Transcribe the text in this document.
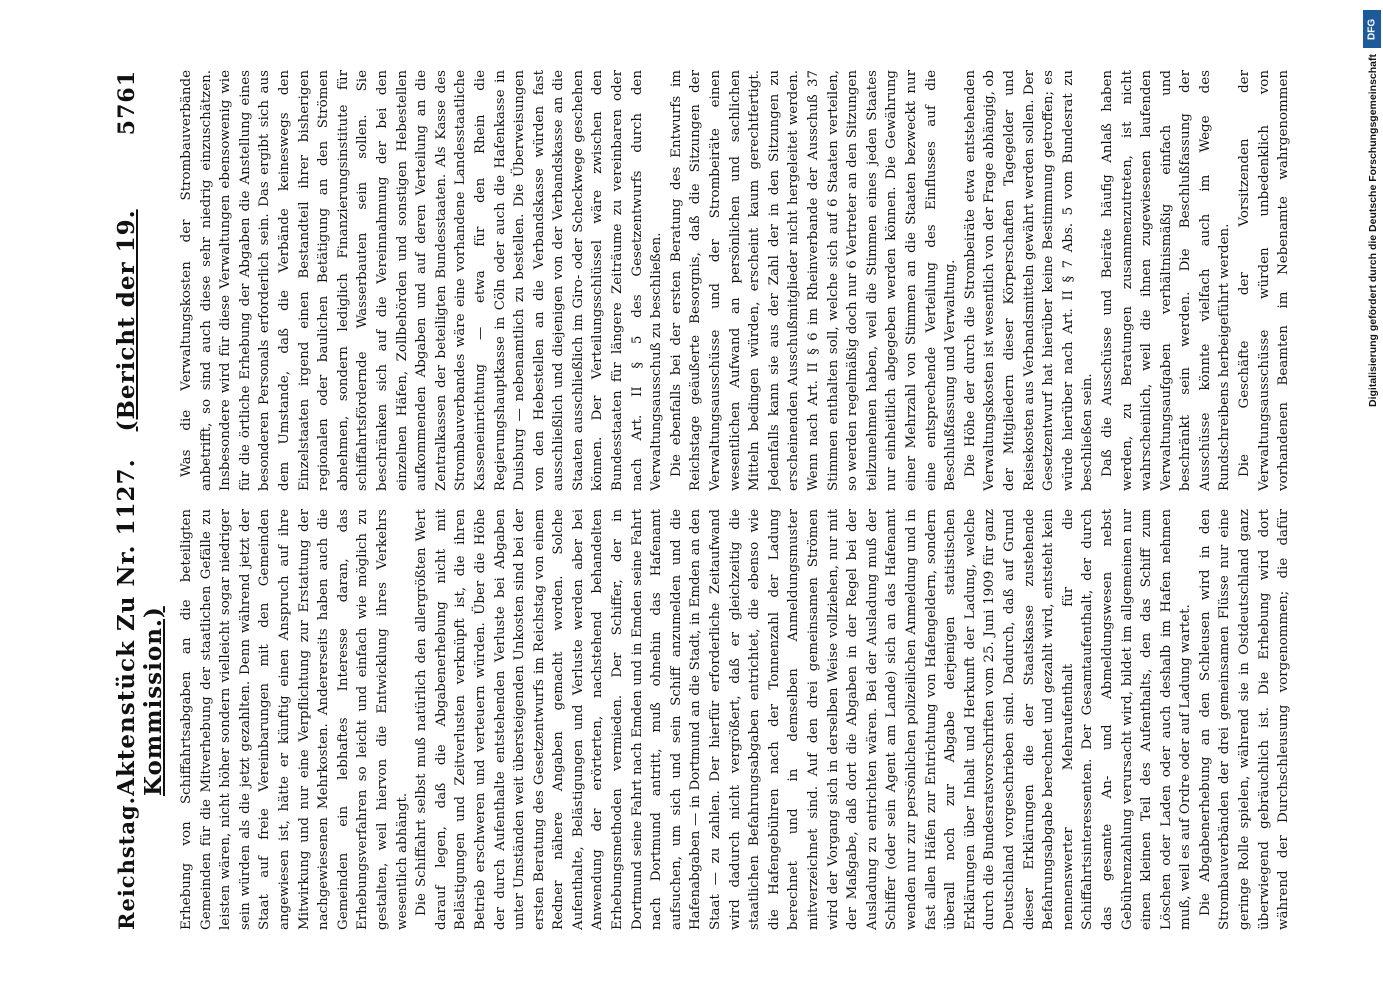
Reichstag.
Aktenstück Zu Nr. 1127.   (Bericht der 19. Kommission.)
5761

Erhebung von Schiffahrtsabgaben an die beteiligten Gemeinden für die Mitverhebung der staatlichen Gefälle zu leisten wären, nicht höher sondern vielleicht sogar niedriger sein würden als die jetzt gezahlten. Denn während jetzt der Staat auf freie Vereinbarungen mit den Gemeinden angewiesen ist, hätte er künftig einen Anspruch auf ihre Mitwirkung und nur eine Verpflichtung zur Erstattung der nachgewiesenen Mehrkosten. Andererseits haben auch die Gemeinden ein lebhaftes Interesse daran, das Erhebungsverfahren so leicht und einfach wie möglich zu gestalten, weil hiervon die Entwicklung ihres Verkehrs wesentlich abhängt. Die Schiffahrt selbst muß natürlich den allergrößten Wert darauf legen, daß die Abgabenerhebung nicht mit Belästigungen und Zeitverlusten verknüpft ist, die ihren Betrieb erschweren und verteuern würden. Über die Höhe der durch Aufenthalte entstehenden Verluste bei Abgaben unter Umständen weit übersteigenden Unkosten sind bei der ersten Beratung des Gesetzentwurfs im Reichstag von einem Redner nähere Angaben gemacht worden. Solche Aufenthalte, Belästigungen und Verluste werden aber bei Anwendung der erörterten, nachstehend behandelten Erhebungsmethoden vermieden. Der Schiffer, der in Dortmund seine Fahrt nach Emden und in Emden seine Fahrt nach Dortmund antritt, muß ohnehin das Hafenamt aufsuchen, um sich und sein Schiff anzumelden und die Hafenabgaben — in Dortmund an die Stadt, in Emden an den Staat — zu zahlen. Der hierfür erforderliche Zeitaufwand wird dadurch nicht vergrößert, daß er gleichzeitig die staatlichen Befahrungsabgaben entrichtet, die ebenso wie die Hafengebühren nach der Tonnenzahl der Ladung berechnet und in demselben Anmeldungsmuster mitverzeichnet sind. Auf den drei gemeinsamen Strömen wird der Vorgang sich in derselben Weise vollziehen, nur mit der Maßgabe, daß dort die Abgaben in der Regel bei der Ausladung zu entrichten wären. Bei der Ausladung muß der Schiffer (oder sein Agent am Lande) sich an das Hafenamt wenden nur zur persönlichen polizeilichen Anmeldung und in fast allen Häfen zur Entrichtung von Hafengeldern, sondern überall noch zur Abgabe derjenigen statistischen Erklärungen über Inhalt und Herkunft der Ladung, welche durch die Bundesratsvorschriften vom 25. Juni 1909 für ganz Deutschland vorgeschrieben sind. Dadurch, daß auf Grund dieser Erklärungen die der Staatskasse zustehende Befahrungsabgabe berechnet und gezahlt wird, entsteht kein nennenswerter Mehraufenthalt für die Schiffahrtsinteressenten. Der Gesamtaufenthalt, der durch das gesamte An- und Abmeldungswesen nebst Gebührenzahlung verursacht wird, bildet im allgemeinen nur einen kleinen Teil des Aufenthalts, den das Schiff zum Löschen oder Laden oder auch deshalb im Hafen nehmen muß, weil es auf Ordre oder auf Ladung wartet. Die Abgabenerhebung an den Schleusen wird in den Strombauverbänden der drei gemeinsamen Flüsse nur eine geringe Rolle spielen, während sie in Ostdeutschland ganz überwiegend gebräuchlich ist. Die Erhebung wird dort während der Durchschleusung vorgenommen; die dafür

Was die Verwaltungskosten der Strombauverbände anbetrifft, so sind auch diese sehr niedrig einzuschätzen. Insbesondere wird für diese Verwaltungen ebensowenig wie für die örtliche Erhebung der Abgaben die Anstellung eines besonderen Personals erforderlich sein. Das ergibt sich aus dem Umstande, daß die Verbände keineswegs den Einzelstaaten irgend einen Bestandteil ihrer bisherigen regionalen oder baulichen Betätigung an den Strömen abnehmen, sondern lediglich Finanzierungsinstitute für schiffahrtsfördernde Wasserbauten sein sollen. Sie beschränken sich auf die Vereinnahmung der bei den einzelnen Häfen, Zollbehörden und sonstigen Hebestellen aufkommenden Abgaben und auf deren Verteilung an die Zentralkassen der beteiligten Bundesstaaten. Als Kasse des Strombauverbandes wäre eine vorhandene Landesstaatliche Kasseneinrichtung — etwa für den Rhein die Regierungshauptkasse in Cöln oder auch die Hafenkasse in Duisburg — nebenamtlich zu bestellen. Die Überweisungen von den Hebestellen an die Verbandskasse würden fast ausschließlich und diejenigen von der Verbandskasse an die Staaten ausschließlich im Giro- oder Scheckwege geschehen können. Der Verteilungsschlüssel wäre zwischen den Bundesstaaten für längere Zeiträume zu vereinbaren oder nach Art. II § 5 des Gesetzentwurfs durch den Verwaltungsausschuß zu beschließen. Die ebenfalls bei der ersten Beratung des Entwurfs im Reichstage geäußerte Besorgnis, daß die Sitzungen der Verwaltungsausschüsse und der Strombeiräte einen wesentlichen Aufwand an persönlichen und sachlichen Mitteln bedingen würden, erscheint kaum gerechtfertigt. Jedenfalls kann sie aus der Zahl der in den Sitzungen zu erscheinenden Ausschußmitglieder nicht hergeleitet werden. Wenn nach Art. II § 6 im Rheinverbande der Ausschuß 37 Stimmen enthalten soll, welche sich auf 6 Staaten verteilen, so werden regelmäßig doch nur 6 Vertreter an den Sitzungen teilzunehmen haben, weil die Stimmen eines jeden Staates nur einheitlich abgegeben werden können. Die Gewährung einer Mehrzahl von Stimmen an die Staaten bezweckt nur eine entsprechende Verteilung des Einflusses auf die Beschlußfassung und Verwaltung. Die Höhe der durch die Strombeiräte etwa entstehenden Verwaltungskosten ist wesentlich von der Frage abhängig, ob der Mitgliedern dieser Körperschaften Tagegelder und Reisekosten aus Verbandsmitteln gewährt werden sollen. Der Gesetzentwurf hat hierüber keine Bestimmung getroffen; es würde hierüber nach Art. II § 7 Abs. 5 vom Bundesrat zu beschließen sein. Daß die Ausschüsse und Beiräte häufig Anlaß haben werden, zu Beratungen zusammenzutreten, ist nicht wahrscheinlich, weil die ihnen zugewiesenen laufenden Verwaltungsaufgaben verhältnismäßig einfach und beschränkt sein werden. Die Beschlußfassung der Ausschüsse könnte vielfach auch im Wege des Rundschreibens herbeigeführt werden. Die Geschäfte der Vorsitzenden der Verwaltungsausschüsse würden unbedenklich von vorhandenen Beamten im Nebenamte wahrgenommen

DFG
Digitalisierung gefördert durch die Deutsche Forschungsgemeinschaft
